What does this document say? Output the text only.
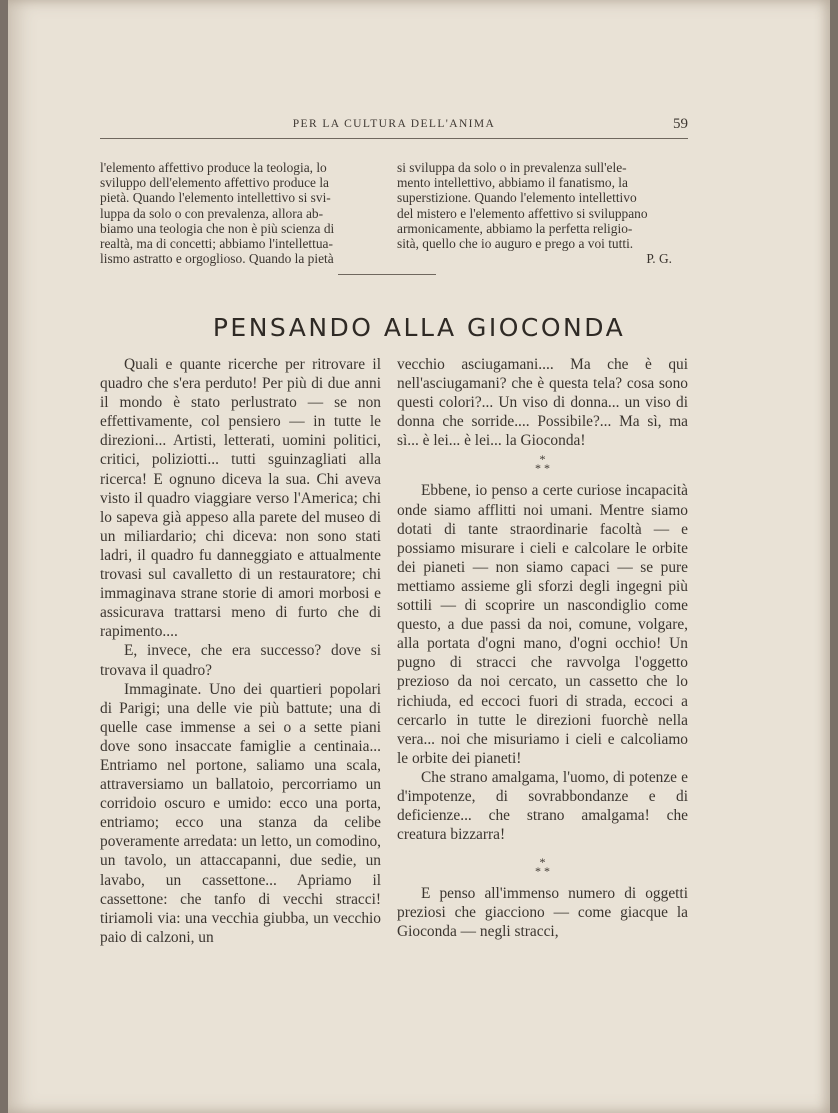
PER LA CULTURA DELL'ANIMA	59

l'elemento affettivo produce la teologia, lo

sviluppo dell'elemento affettivo produce la

pietà. Quando l'elemento intellettivo si svi-

luppa da solo o con prevalenza, allora ab-

biamo una teologia che non è più scienza di

realtà, ma di concetti; abbiamo l'intellettua-

lismo astratto e orgoglioso. Quando la pietà

si sviluppa da solo o in prevalenza sull'ele-

mento intellettivo, abbiamo il fanatismo, la

superstizione. Quando l'elemento intellettivo

del mistero e l'elemento affettivo si sviluppano

armonicamente, abbiamo la perfetta religio-

sità, quello che io auguro e prego a voi tutti.

P. G.

PENSANDO ALLA GIOCONDA

Quali e quante ricerche per ritrovare il quadro che s'era perduto! Per più di due anni il mondo è stato perlustrato — se non effettivamente, col pensiero — in tutte le direzioni... Artisti, letterati, uomini politici, critici, poliziotti... tutti sguinzagliati alla ricerca! E ognuno diceva la sua. Chi aveva visto il quadro viaggiare verso l'America; chi lo sapeva già appeso alla parete del museo di un miliardario; chi diceva: non sono stati ladri, il quadro fu danneggiato e attualmente trovasi sul cavalletto di un restauratore; chi immaginava strane storie di amori morbosi e assicurava trattarsi meno di furto che di rapimento....

E, invece, che era successo? dove si trovava il quadro?

Immaginate. Uno dei quartieri popolari di Parigi; una delle vie più battute; una di quelle case immense a sei o a sette piani dove sono insaccate famiglie a centinaia... Entriamo nel portone, saliamo una scala, attraversiamo un ballatoio, percorriamo un corridoio oscuro e umido: ecco una porta, entriamo; ecco una stanza da celibe poveramente arredata: un letto, un comodino, un tavolo, un attaccapanni, due sedie, un lavabo, un cassettone... Apriamo il cassettone: che tanfo di vecchi stracci! tiriamoli via: una vecchia giubba, un vecchio paio di calzoni, un

vecchio asciugamani.... Ma che è qui nell'asciugamani? che è questa tela? cosa sono questi colori?... Un viso di donna... un viso di donna che sorride.... Possibile?... Ma sì, ma sì... è lei... è lei... la Gioconda!

*
* *

Ebbene, io penso a certe curiose incapacità onde siamo afflitti noi umani. Mentre siamo dotati di tante straordinarie facoltà — e possiamo misurare i cieli e calcolare le orbite dei pianeti — non siamo capaci — se pure mettiamo assieme gli sforzi degli ingegni più sottili — di scoprire un nascondiglio come questo, a due passi da noi, comune, volgare, alla portata d'ogni mano, d'ogni occhio! Un pugno di stracci che ravvolga l'oggetto prezioso da noi cercato, un cassetto che lo richiuda, ed eccoci fuori di strada, eccoci a cercarlo in tutte le direzioni fuorchè nella vera... noi che misuriamo i cieli e calcoliamo le orbite dei pianeti!

Che strano amalgama, l'uomo, di potenze e d'impotenze, di sovrabbondanze e di deficienze... che strano amalgama! che creatura bizzarra!

*
* *

E penso all'immenso numero di oggetti preziosi che giacciono — come giacque la Gioconda — negli stracci,
